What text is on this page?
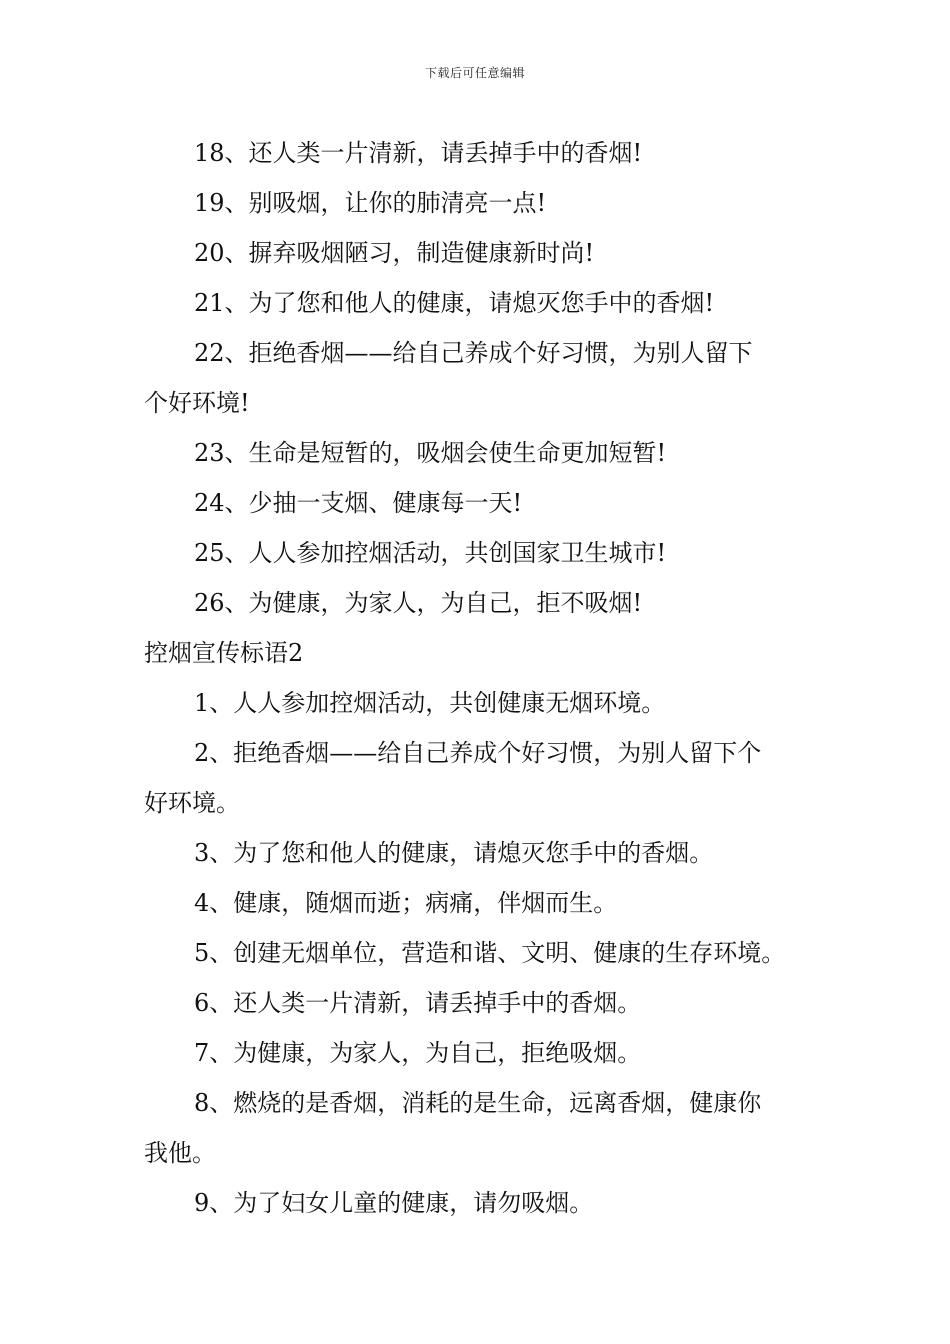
下载后可任意编辑
18、还人类一片清新，请丢掉手中的香烟!
19、别吸烟，让你的肺清亮一点!
20、摒弃吸烟陋习，制造健康新时尚!
21、为了您和他人的健康，请熄灭您手中的香烟!
22、拒绝香烟——给自己养成个好习惯，为别人留下
个好环境!
23、生命是短暂的，吸烟会使生命更加短暂!
24、少抽一支烟、健康每一天!
25、人人参加控烟活动，共创国家卫生城市!
26、为健康，为家人，为自己，拒不吸烟!
控烟宣传标语2
1、人人参加控烟活动，共创健康无烟环境。
2、拒绝香烟——给自己养成个好习惯，为别人留下个
好环境。
3、为了您和他人的健康，请熄灭您手中的香烟。
4、健康，随烟而逝；病痛，伴烟而生。
5、创建无烟单位，营造和谐、文明、健康的生存环境。
6、还人类一片清新，请丢掉手中的香烟。
7、为健康，为家人，为自己，拒绝吸烟。
8、燃烧的是香烟，消耗的是生命，远离香烟，健康你
我他。
9、为了妇女儿童的健康，请勿吸烟。
